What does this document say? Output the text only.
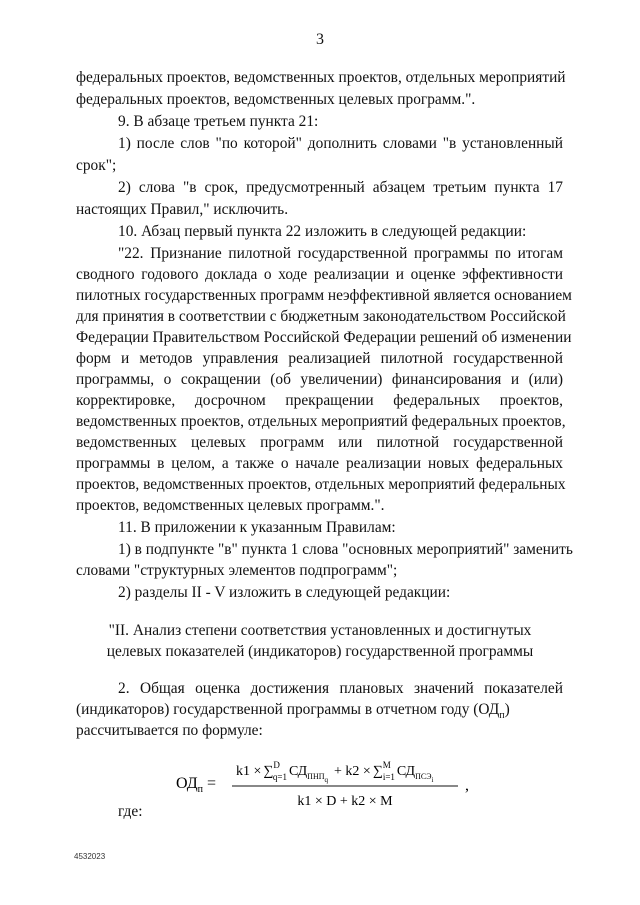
3
федеральных проектов, ведомственных проектов, отдельных мероприятий
федеральных проектов, ведомственных целевых программ.".
9. В абзаце третьем пункта 21:
1) после слов "по которой" дополнить словами "в установленный
срок";
2) слова "в срок, предусмотренный абзацем третьим пункта 17
настоящих Правил," исключить.
10. Абзац первый пункта 22 изложить в следующей редакции:
"22. Признание пилотной государственной программы по итогам
сводного годового доклада о ходе реализации и оценке эффективности
пилотных государственных программ неэффективной является основанием
для принятия в соответствии с бюджетным законодательством Российской
Федерации Правительством Российской Федерации решений об изменении
форм и методов управления реализацией пилотной государственной
программы, о сокращении (об увеличении) финансирования и (или)
корректировке, досрочном прекращении федеральных проектов,
ведомственных проектов, отдельных мероприятий федеральных проектов,
ведомственных целевых программ или пилотной государственной
программы в целом, а также о начале реализации новых федеральных
проектов, ведомственных проектов, отдельных мероприятий федеральных
проектов, ведомственных целевых программ.".
11. В приложении к указанным Правилам:
1) в подпункте "в" пункта 1 слова "основных мероприятий" заменить
словами "структурных элементов подпрограмм";
2) разделы II - V изложить в следующей редакции:
"II. Анализ степени соответствия установленных и достигнутых
целевых показателей (индикаторов) государственной программы
2. Общая оценка достижения плановых значений показателей
(индикаторов) государственной программы в отчетном году $(ОД_п)$
рассчитывается по формуле:
$ОД_п$ =
k1 × ∑$^D$ q=1 $СД_{ПНПq}+ k2 \times \sum^M$ i=1 $СД_{ПСЭi}$
k1 × D + k2 × M
,
где:
4532023
